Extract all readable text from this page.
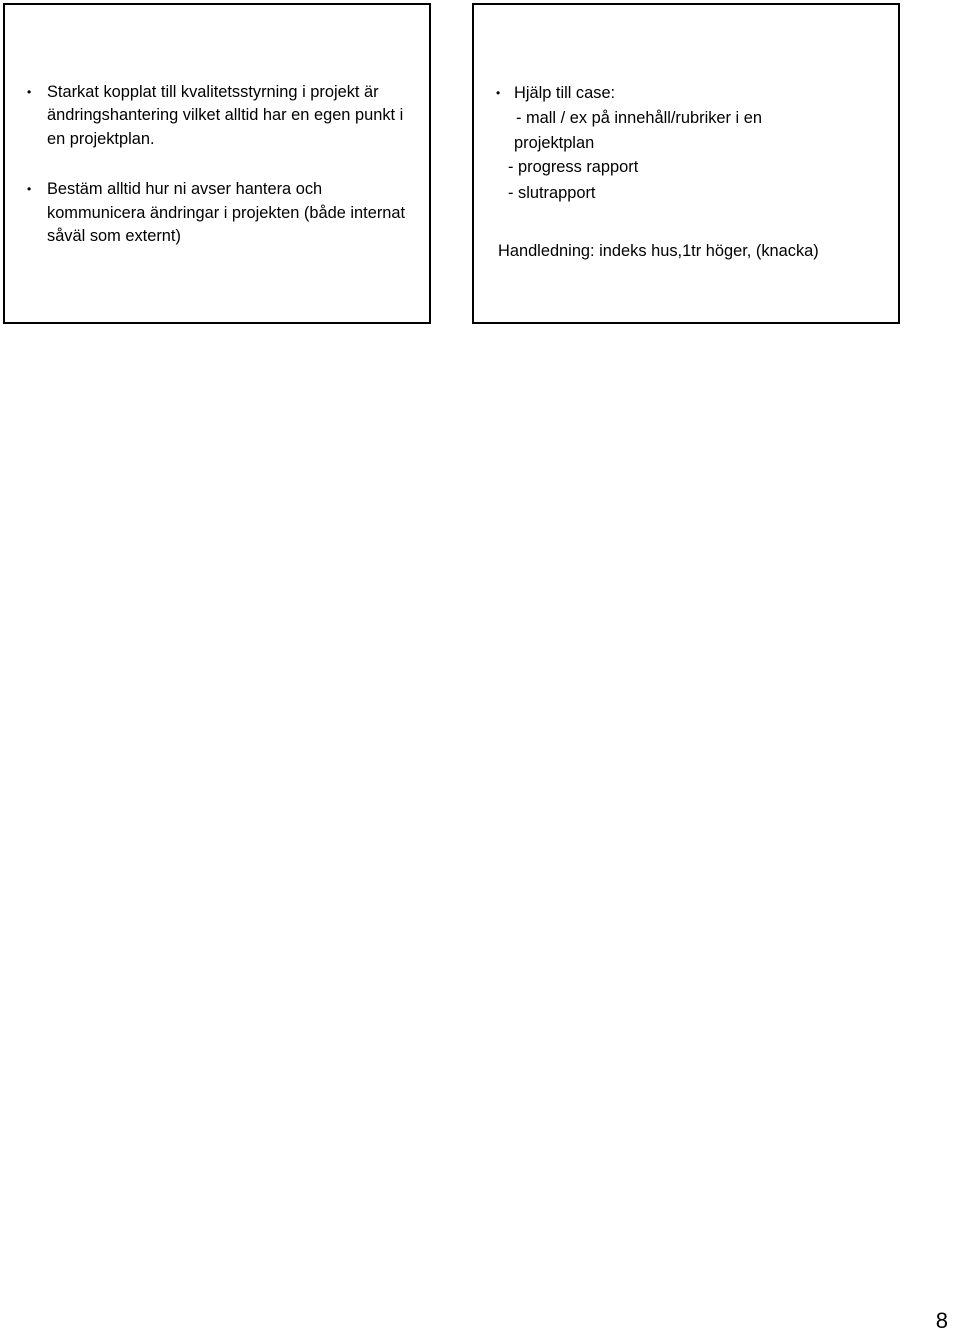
• Starkat kopplat till kvalitetsstyrning i projekt är ändringshantering vilket alltid har en egen punkt i en projektplan.
• Bestäm alltid hur ni avser hantera och kommunicera ändringar i projekten (både internat såväl som externt)
• Hjälp till case:
- mall / ex på innehåll/rubriker i en
projektplan
- progress rapport
- slutrapport
Handledning: indeks hus,1tr höger, (knacka)
8
